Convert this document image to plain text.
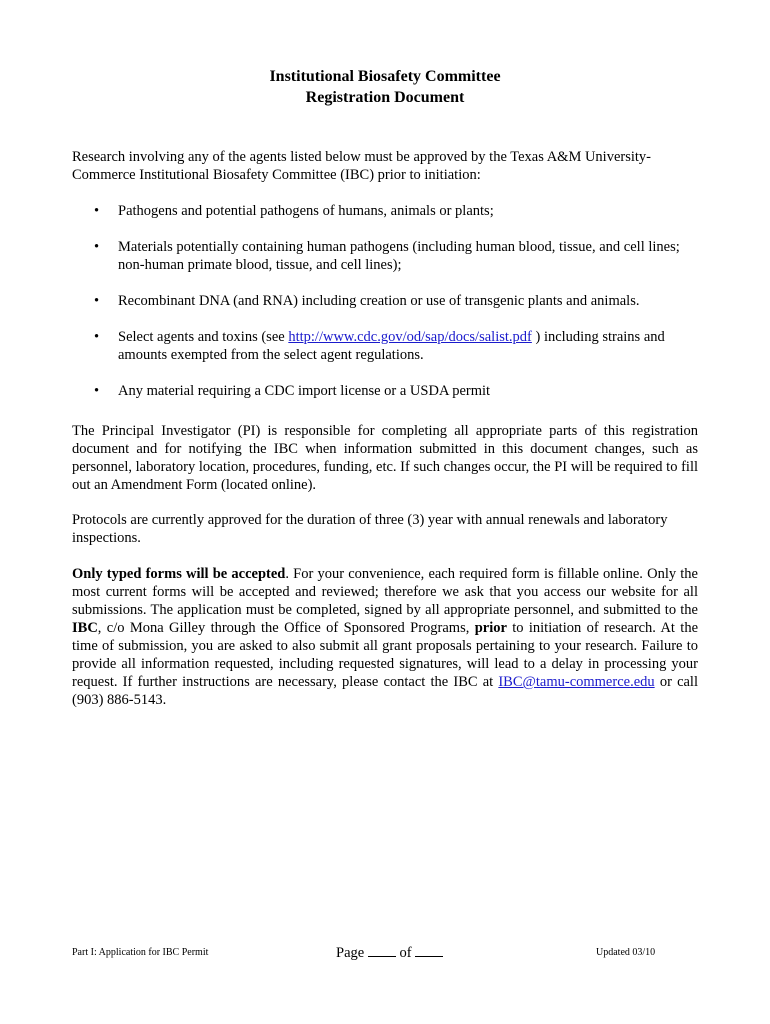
Institutional Biosafety Committee
Registration Document
Research involving any of the agents listed below must be approved by the Texas A&M University-Commerce Institutional Biosafety Committee (IBC) prior to initiation:
• Pathogens and potential pathogens of humans, animals or plants;
• Materials potentially containing human pathogens (including human blood, tissue, and cell lines; non-human primate blood, tissue, and cell lines);
• Recombinant DNA (and RNA) including creation or use of transgenic plants and animals.
• Select agents and toxins (see http://www.cdc.gov/od/sap/docs/salist.pdf ) including strains and amounts exempted from the select agent regulations.
• Any material requiring a CDC import license or a USDA permit
The Principal Investigator (PI) is responsible for completing all appropriate parts of this registration document and for notifying the IBC when information submitted in this document changes, such as personnel, laboratory location, procedures, funding, etc. If such changes occur, the PI will be required to fill out an Amendment Form (located online).
Protocols are currently approved for the duration of three (3) year with annual renewals and laboratory inspections.
Only typed forms will be accepted. For your convenience, each required form is fillable online. Only the most current forms will be accepted and reviewed; therefore we ask that you access our website for all submissions. The application must be completed, signed by all appropriate personnel, and submitted to the IBC, c/o Mona Gilley through the Office of Sponsored Programs, prior to initiation of research. At the time of submission, you are asked to also submit all grant proposals pertaining to your research. Failure to provide all information requested, including requested signatures, will lead to a delay in processing your request. If further instructions are necessary, please contact the IBC at IBC@tamu-commerce.edu or call (903) 886-5143.
Part I: Application for IBC Permit	Page of	Updated 03/10
